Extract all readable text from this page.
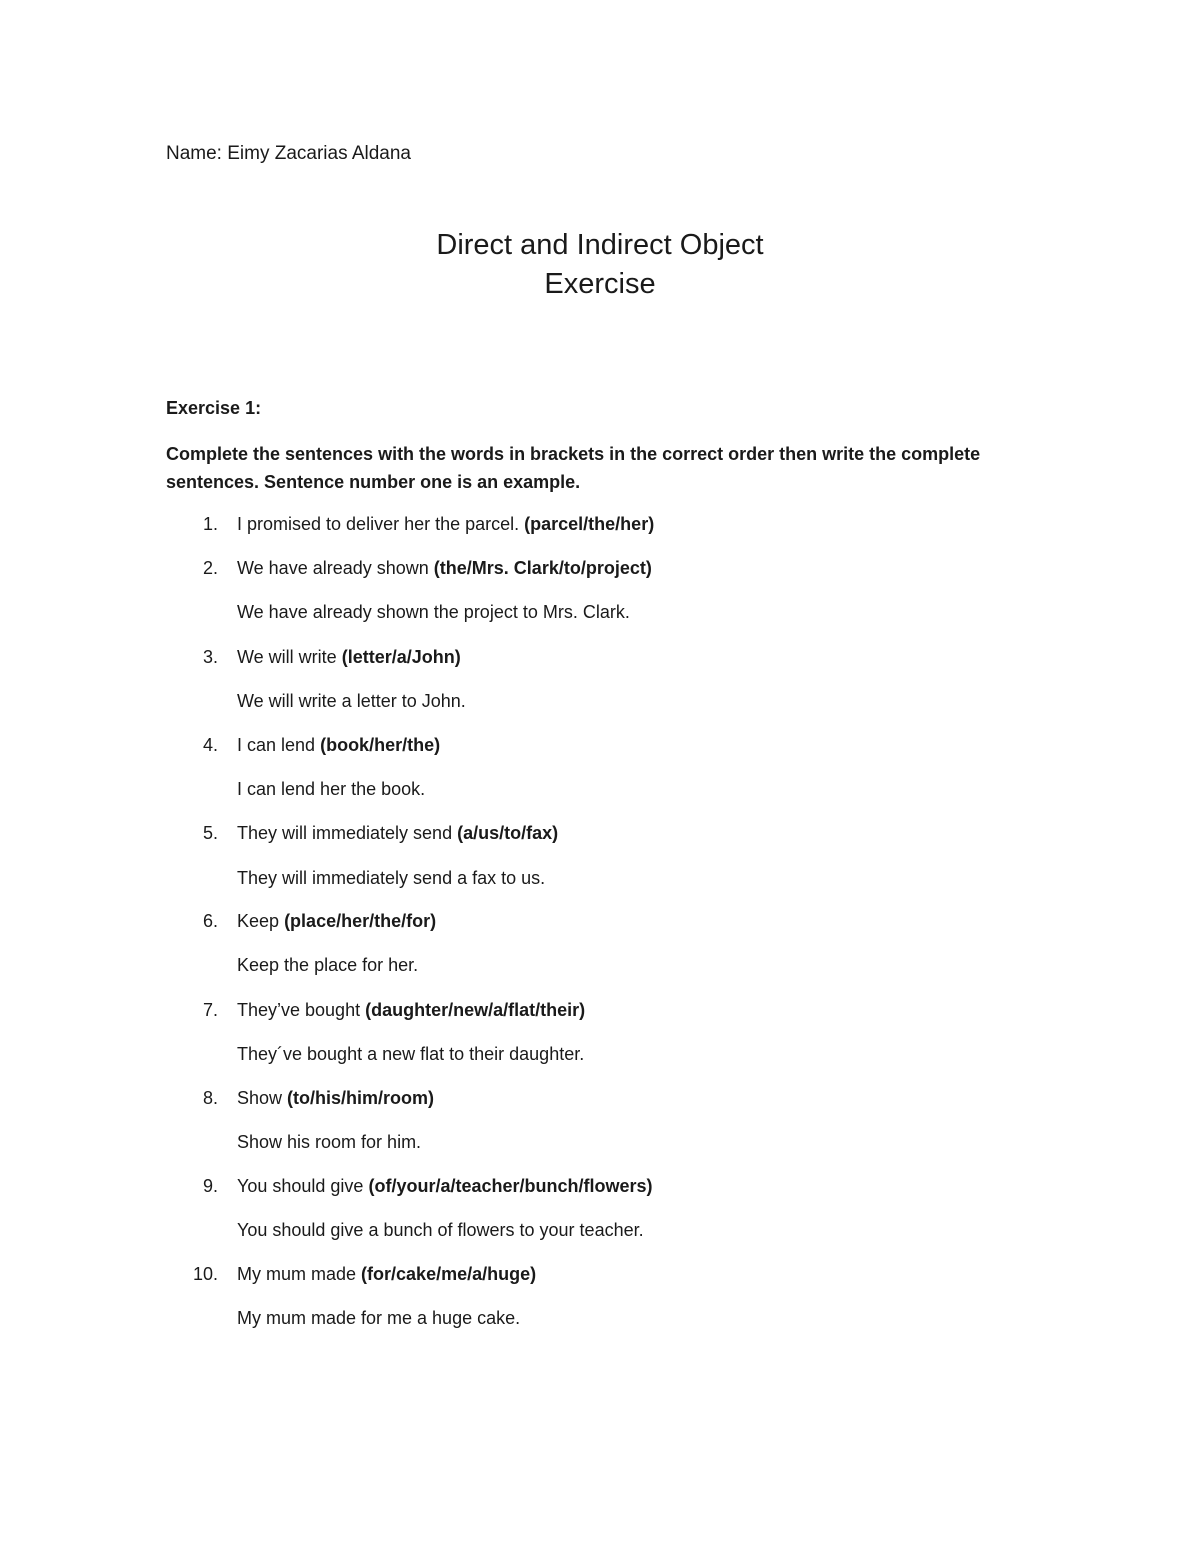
Name: Eimy Zacarias Aldana
Direct and Indirect Object
Exercise
Exercise 1:
Complete the sentences with the words in brackets in the correct order then write the complete sentences. Sentence number one is an example.
1. I promised to deliver her the parcel. (parcel/the/her)
2. We have already shown (the/Mrs. Clark/to/project)
We have already shown the project to Mrs. Clark.
3. We will write (letter/a/John)
We will write a letter to John.
4. I can lend (book/her/the)
I can lend her the book.
5. They will immediately send (a/us/to/fax)
They will immediately send a fax to us.
6. Keep (place/her/the/for)
Keep the place for her.
7. They’ve bought (daughter/new/a/flat/their)
They´ve bought a new flat to their daughter.
8. Show (to/his/him/room)
Show his room for him.
9. You should give (of/your/a/teacher/bunch/flowers)
You should give a bunch of flowers to your teacher.
10. My mum made (for/cake/me/a/huge)
My mum made for me a huge cake.
